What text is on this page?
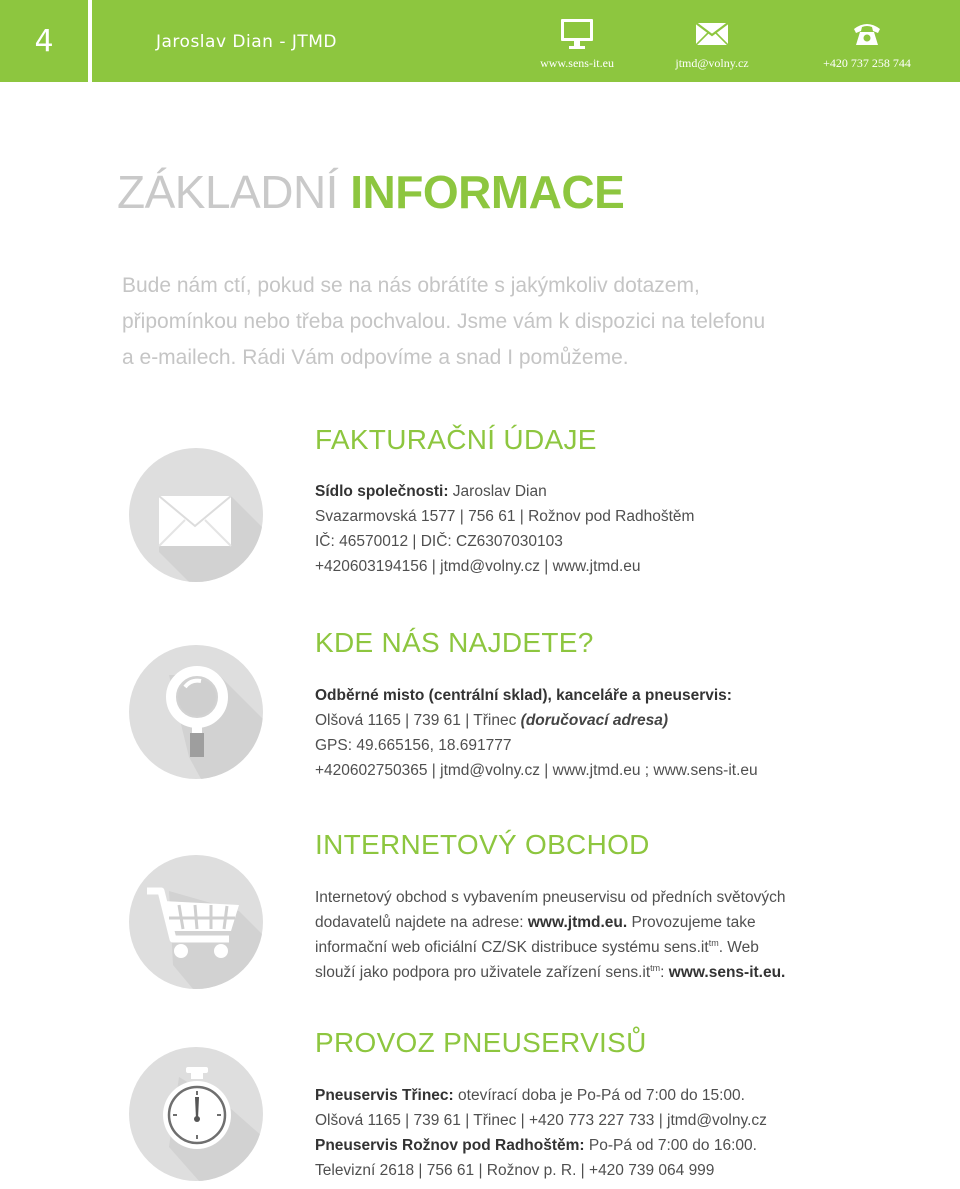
4	Jaroslav Dian - JTMD
www.sens-it.eu	jtmd@volny.cz	+420 737 258 744
ZÁKLADNÍ INFORMACE
Bude nám ctí, pokud se na nás obrátíte s jakýmkoliv dotazem,
připomínkou nebo třeba pochvalou. Jsme vám k dispozici na telefonu
a e-mailech. Rádi Vám odpovíme a snad I pomůžeme.
FAKTURAČNÍ ÚDAJE
Sídlo společnosti: Jaroslav Dian
Svazarmovská 1577 | 756 61 | Rožnov pod Radhoštěm
IČ: 46570012 | DIČ: CZ6307030103
+420603194156 | jtmd@volny.cz | www.jtmd.eu
KDE NÁS NAJDETE?
Odběrné misto (centrální sklad), kanceláře a pneuservis:
Olšová 1165 | 739 61 | Třinec (doručovací adresa)
GPS: 49.665156, 18.691777
+420602750365 | jtmd@volny.cz | www.jtmd.eu ; www.sens-it.eu
INTERNETOVÝ OBCHOD
Internetový obchod s vybavením pneuservisu od předních světových
dodavatelů najdete na adrese: www.jtmd.eu. Provozujeme take
informační web oficiální CZ/SK distribuce systému $sens.it^{tm}$. Web
slouží jako podpora pro uživatele zařízení $sens.it^{tm}$: www.sens-it.eu.
PROVOZ PNEUSERVISŮ
Pneuservis Třinec: otevírací doba je Po-Pá od 7:00 do 15:00.
Olšová 1165 | 739 61 | Třinec | +420 773 227 733 | jtmd@volny.cz
Pneuservis Rožnov pod Radhoštěm: Po-Pá od 7:00 do 16:00.
Televizní 2618 | 756 61 | Rožnov p. R. | +420 739 064 999
